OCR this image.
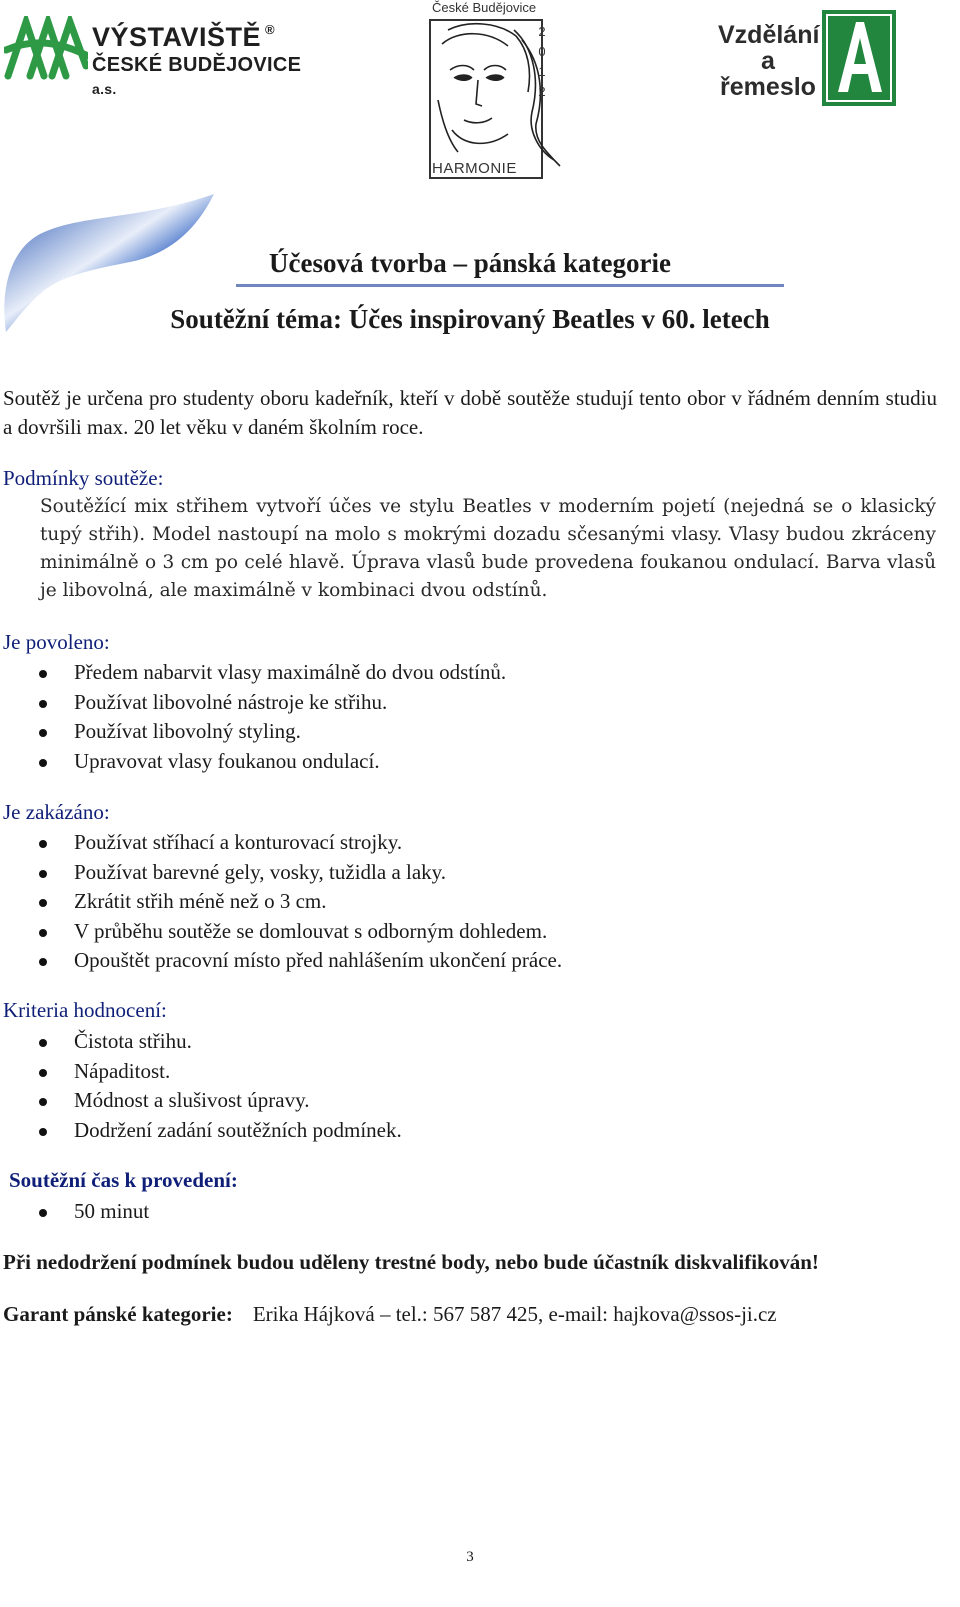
VÝSTAVIŠTĚ ®
ČESKÉ BUDĚJOVICE a.s.
České Budějovice
2
0
1
2
HARMONIE
Vzdělání
a
řemeslo
Účesová tvorba – pánská kategorie
Soutěžní téma: Účes inspirovaný Beatles v 60. letech
Soutěž je určena pro studenty oboru kadeřník, kteří v době soutěže studují tento obor v řádném denním studiu a dovršili max. 20 let věku v daném školním roce.
Podmínky soutěže:
Soutěžící mix střihem vytvoří účes ve stylu Beatles v moderním pojetí (nejedná se o klasický tupý střih). Model nastoupí na molo s mokrými dozadu sčesanými vlasy. Vlasy budou zkráceny minimálně o 3 cm po celé hlavě. Úprava vlasů bude provedena foukanou ondulací. Barva vlasů je libovolná, ale maximálně v kombinaci dvou odstínů.
Je povoleno:
Předem nabarvit vlasy maximálně do dvou odstínů.
Používat libovolné nástroje ke střihu.
Používat libovolný styling.
Upravovat vlasy foukanou ondulací.
Je zakázáno:
Používat stříhací a konturovací strojky.
Používat barevné gely, vosky, tužidla a laky.
Zkrátit střih méně než o 3 cm.
V průběhu soutěže se domlouvat s odborným dohledem.
Opouštět pracovní místo před nahlášením ukončení práce.
Kriteria hodnocení:
Čistota střihu.
Nápaditost.
Módnost a slušivost úpravy.
Dodržení zadání soutěžních podmínek.
Soutěžní čas k provedení:
50 minut
Při nedodržení podmínek budou uděleny trestné body, nebo bude účastník diskvalifikován!
Garant pánské kategorie: Erika Hájková – tel.: 567 587 425, e-mail: hajkova@ssos-ji.cz
3
